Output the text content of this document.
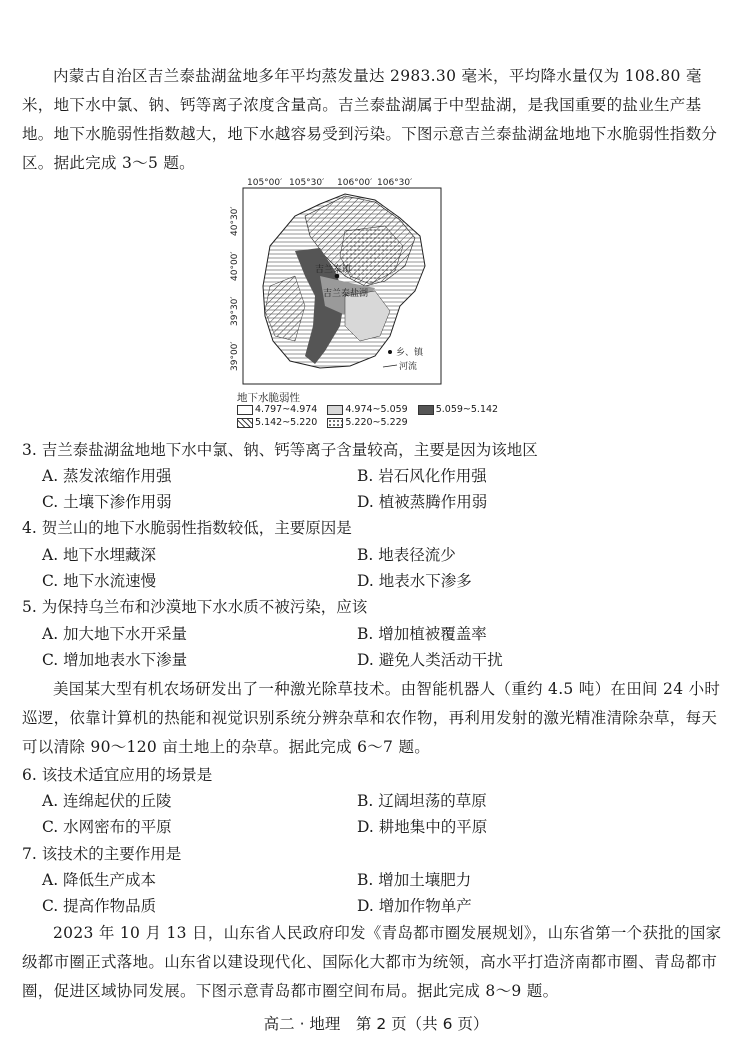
内蒙古自治区吉兰泰盐湖盆地多年平均蒸发量达 2983.30 毫米，平均降水量仅为 108.80 毫米，地下水中氯、钠、钙等离子浓度含量高。吉兰泰盐湖属于中型盐湖，是我国重要的盐业生产基地。地下水脆弱性指数越大，地下水越容易受到污染。下图示意吉兰泰盐湖盆地地下水脆弱性指数分区。据此完成 3～5 题。

105°00′ 105°30′ 106°00′ 106°30′
40°30′
40°00′
39°30′
39°00′
吉兰泰镇
吉兰泰盐湖
乡、镇
河流
地下水脆弱性
4.797~4.974	4.974~5.059	5.059~5.142
5.142~5.220	5.220~5.229

3. 吉兰泰盐湖盆地地下水中氯、钠、钙等离子含量较高，主要是因为该地区

A. 蒸发浓缩作用强	B. 岩石风化作用强

C. 土壤下渗作用弱	D. 植被蒸腾作用弱

4. 贺兰山的地下水脆弱性指数较低，主要原因是

A. 地下水埋藏深	B. 地表径流少

C. 地下水流速慢	D. 地表水下渗多

5. 为保持乌兰布和沙漠地下水水质不被污染，应该

A. 加大地下水开采量	B. 增加植被覆盖率

C. 增加地表水下渗量	D. 避免人类活动干扰

美国某大型有机农场研发出了一种激光除草技术。由智能机器人（重约 4.5 吨）在田间 24 小时巡逻，依靠计算机的热能和视觉识别系统分辨杂草和农作物，再利用发射的激光精准清除杂草，每天可以清除 90～120 亩土地上的杂草。据此完成 6～7 题。

6. 该技术适宜应用的场景是

A. 连绵起伏的丘陵	B. 辽阔坦荡的草原

C. 水网密布的平原	D. 耕地集中的平原

7. 该技术的主要作用是

A. 降低生产成本	B. 增加土壤肥力

C. 提高作物品质	D. 增加作物单产

2023 年 10 月 13 日，山东省人民政府印发《青岛都市圈发展规划》，山东省第一个获批的国家级都市圈正式落地。山东省以建设现代化、国际化大都市为统领，高水平打造济南都市圈、青岛都市圈，促进区域协同发展。下图示意青岛都市圈空间布局。据此完成 8～9 题。

高二 · 地理　第 2 页（共 6 页）
